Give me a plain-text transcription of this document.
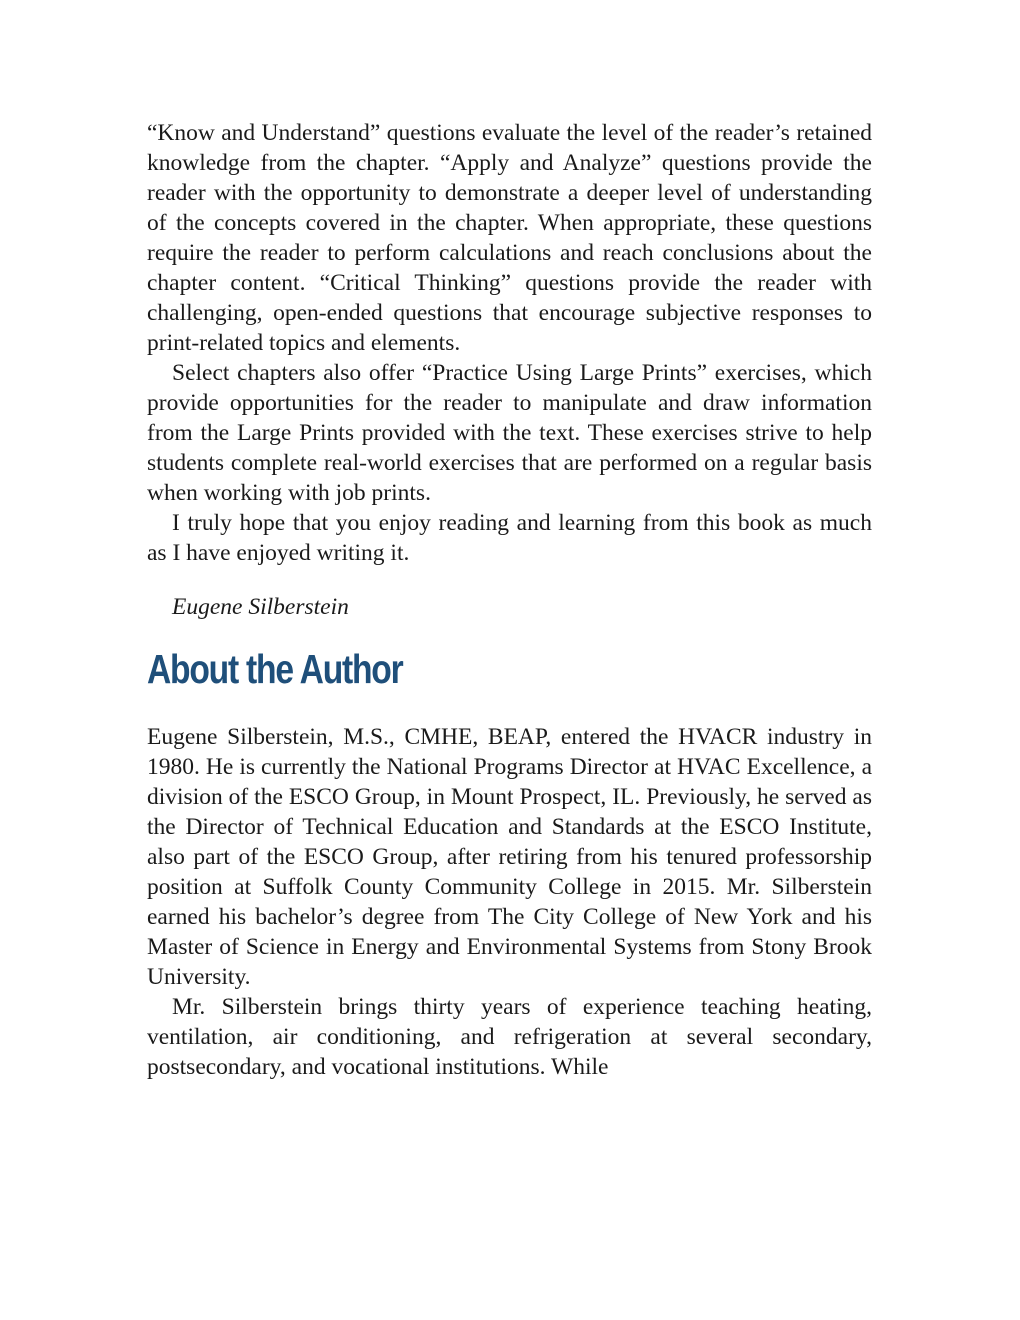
“Know and Understand” questions evaluate the level of the reader’s retained knowledge from the chapter. “Apply and Analyze” questions provide the reader with the opportunity to demonstrate a deeper level of understanding of the concepts covered in the chapter. When appropriate, these questions require the reader to perform calculations and reach conclusions about the chapter content. “Critical Thinking” questions provide the reader with challenging, open-ended questions that encourage subjective responses to print-related topics and elements.

Select chapters also offer “Practice Using Large Prints” exercises, which provide opportunities for the reader to manipulate and draw information from the Large Prints provided with the text. These exercises strive to help students complete real-world exercises that are performed on a regular basis when working with job prints.

I truly hope that you enjoy reading and learning from this book as much as I have enjoyed writing it.

Eugene Silberstein

About the Author

Eugene Silberstein, M.S., CMHE, BEAP, entered the HVACR industry in 1980. He is currently the National Programs Director at HVAC Excellence, a division of the ESCO Group, in Mount Prospect, IL. Previously, he served as the Director of Technical Education and Standards at the ESCO Institute, also part of the ESCO Group, after retiring from his tenured professorship position at Suffolk County Community College in 2015. Mr. Silberstein earned his bachelor’s degree from The City College of New York and his Master of Science in Energy and Environmental Systems from Stony Brook University.

Mr. Silberstein brings thirty years of experience teaching heating, ventilation, air conditioning, and refrigeration at several secondary, postsecondary, and vocational institutions. While
